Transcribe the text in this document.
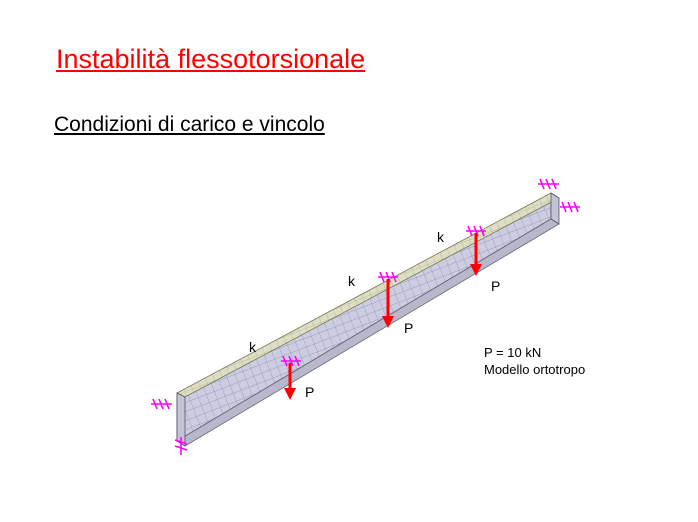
Instabilità flessotorsionale
Condizioni di carico e vincolo
k
k
k
P
P
P
P = 10 kN
Modello ortotropo
